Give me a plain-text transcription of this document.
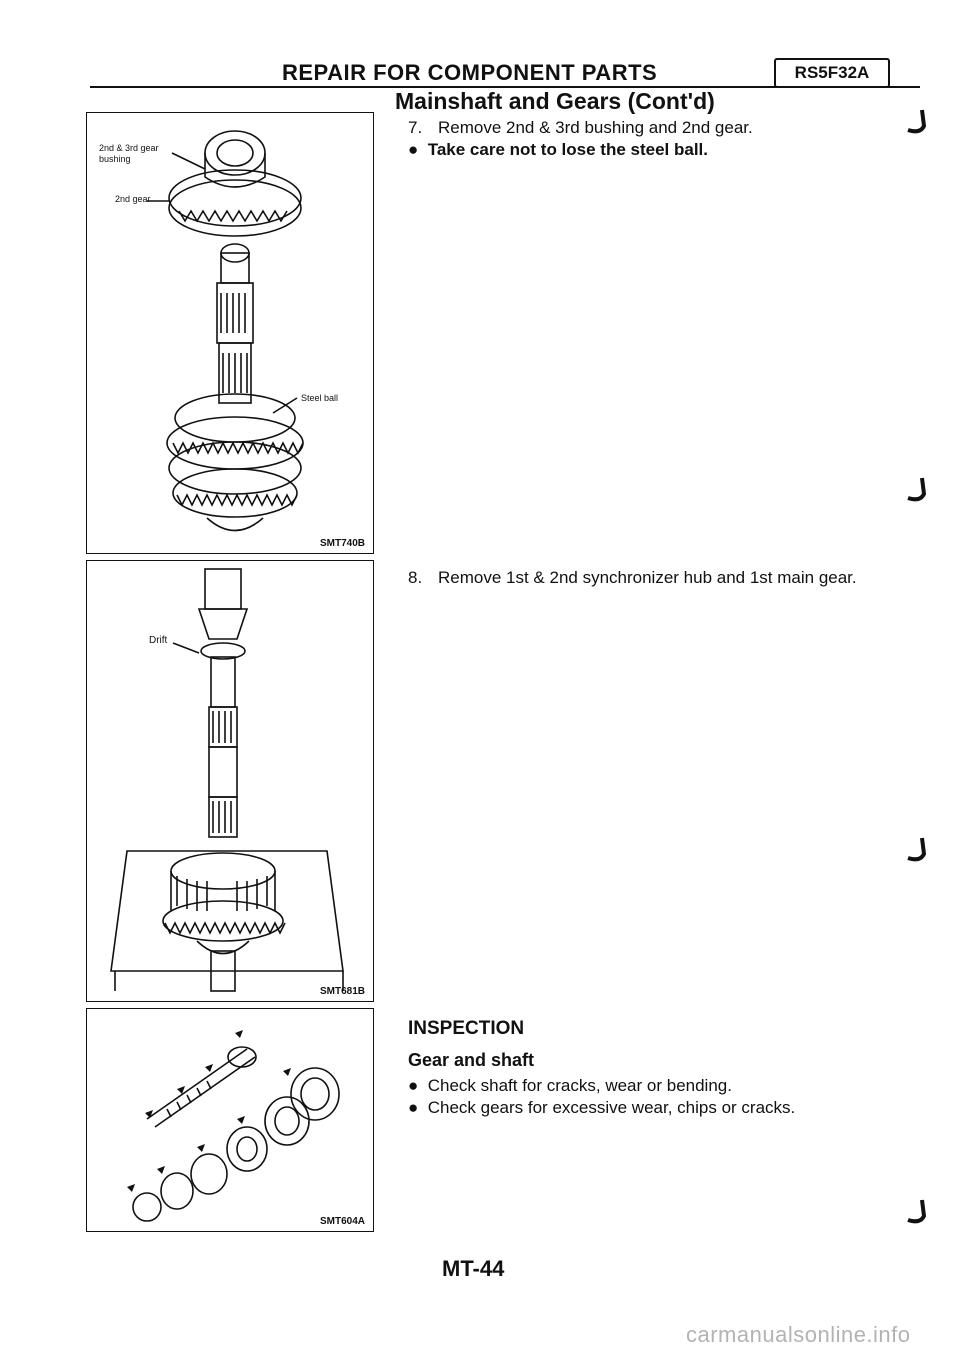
REPAIR FOR COMPONENT PARTS	RS5F32A
Mainshaft and Gears (Cont'd)
2nd & 3rd gear
bushing
2nd gear
Steel ball
SMT740B
Drift
SMT681B
SMT604A
7. Remove 2nd & 3rd bushing and 2nd gear.
●  Take care not to lose the steel ball.
8. Remove 1st & 2nd synchronizer hub and 1st main gear.
INSPECTION
Gear and shaft
●  Check shaft for cracks, wear or bending.
●  Check gears for excessive wear, chips or cracks.
MT-44
carmanualsonline.info
